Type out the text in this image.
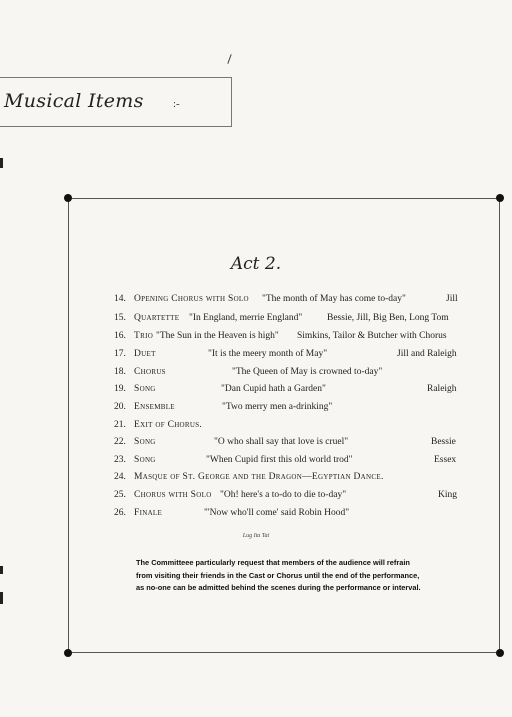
Musical Items	:-
Act 2.
14. Opening Chorus with Solo "The month of May has come to-day"	Jill
15. Quartette "In England, merrie England"	Bessie, Jill, Big Ben, Long Tom
16. Trio "The Sun in the Heaven is high" Simkins, Tailor & Butcher with Chorus
17. Duet	"It is the meery month of May"	Jill and Raleigh
18. Chorus	"The Queen of May is crowned to-day"
19. Song	"Dan Cupid hath a Garden"	Raleigh
20. Ensemble	"Two merry men a-drinking"
21. Exit of Chorus.
22. Song	"O who shall say that love is cruel"	Bessie
23. Song	"When Cupid first this old world trod"	Essex
24. Masque of St. George and the Dragon—Egyptian Dance.
25. Chorus with Solo "Oh! here's a to-do to die to-day"	King
26. Finale	"'Now who'll come' said Robin Hood"
Lug Ita Tat
The Committeee particularly request that members of the audience will refrain
from visiting their friends in the Cast or Chorus until the end of the performance,
as no-one can be admitted behind the scenes during the performance or interval.
